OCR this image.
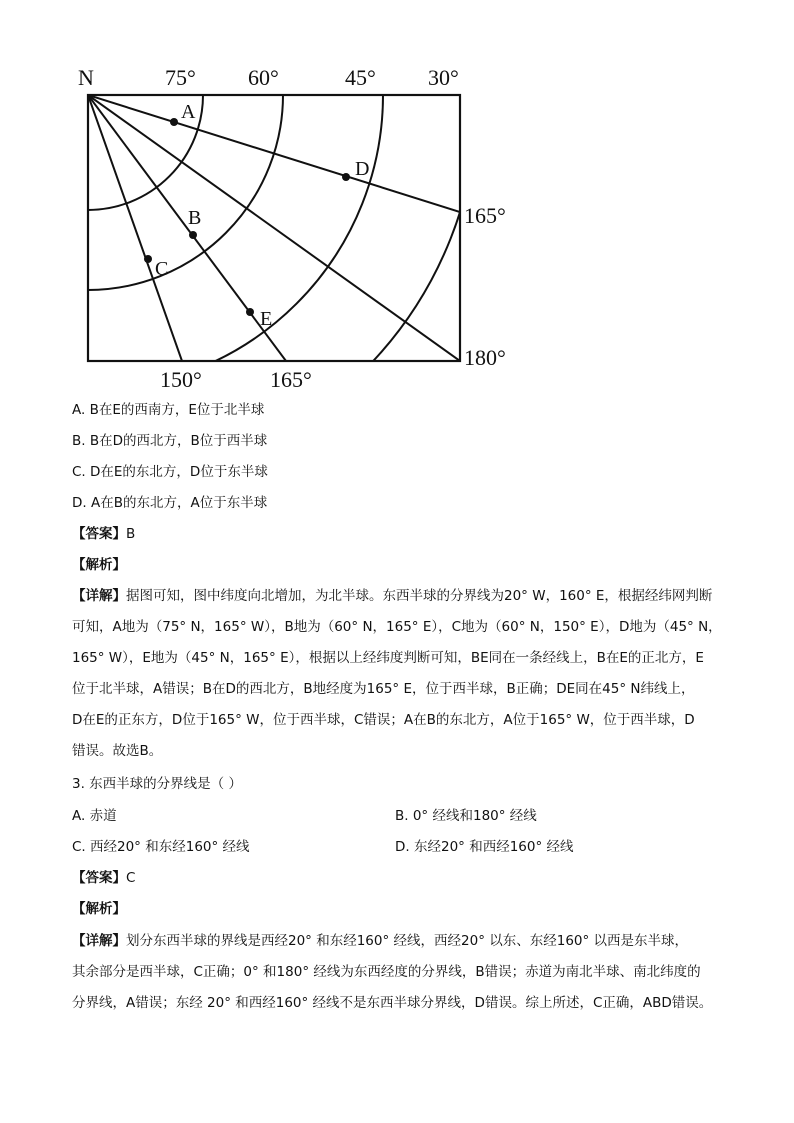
N	75° 60°	45° 30°
165°
180°
150°	165°
A
B
C
D
E
A. B在E的西南方，E位于北半球
B. B在D的西北方，B位于西半球
C. D在E的东北方，D位于东半球
D. A在B的东北方，A位于东半球
【答案】B
【解析】
【详解】据图可知，图中纬度向北增加，为北半球。东西半球的分界线为20° W，160° E，根据经纬网判断
可知，A地为（75° N，165° W），B地为（60° N，165° E），C地为（60° N，150° E），D地为（45° N，
165° W），E地为（45° N，165° E），根据以上经纬度判断可知，BE同在一条经线上，B在E的正北方，E
位于北半球，A错误；B在D的西北方，B地经度为165° E，位于西半球，B正确；DE同在45° N纬线上，
D在E的正东方，D位于165° W，位于西半球，C错误；A在B的东北方，A位于165° W，位于西半球，D
错误。故选B。
3. 东西半球的分界线是（ ）
A. 赤道	B. 0° 经线和180° 经线
C. 西经20° 和东经160° 经线	D. 东经20° 和西经160° 经线
【答案】C
【解析】
【详解】划分东西半球的界线是西经20° 和东经160° 经线，西经20° 以东、东经160° 以西是东半球，
其余部分是西半球，C正确；0° 和180° 经线为东西经度的分界线，B错误；赤道为南北半球、南北纬度的
分界线，A错误；东经 20° 和西经160° 经线不是东西半球分界线，D错误。综上所述，C正确，ABD错误。
